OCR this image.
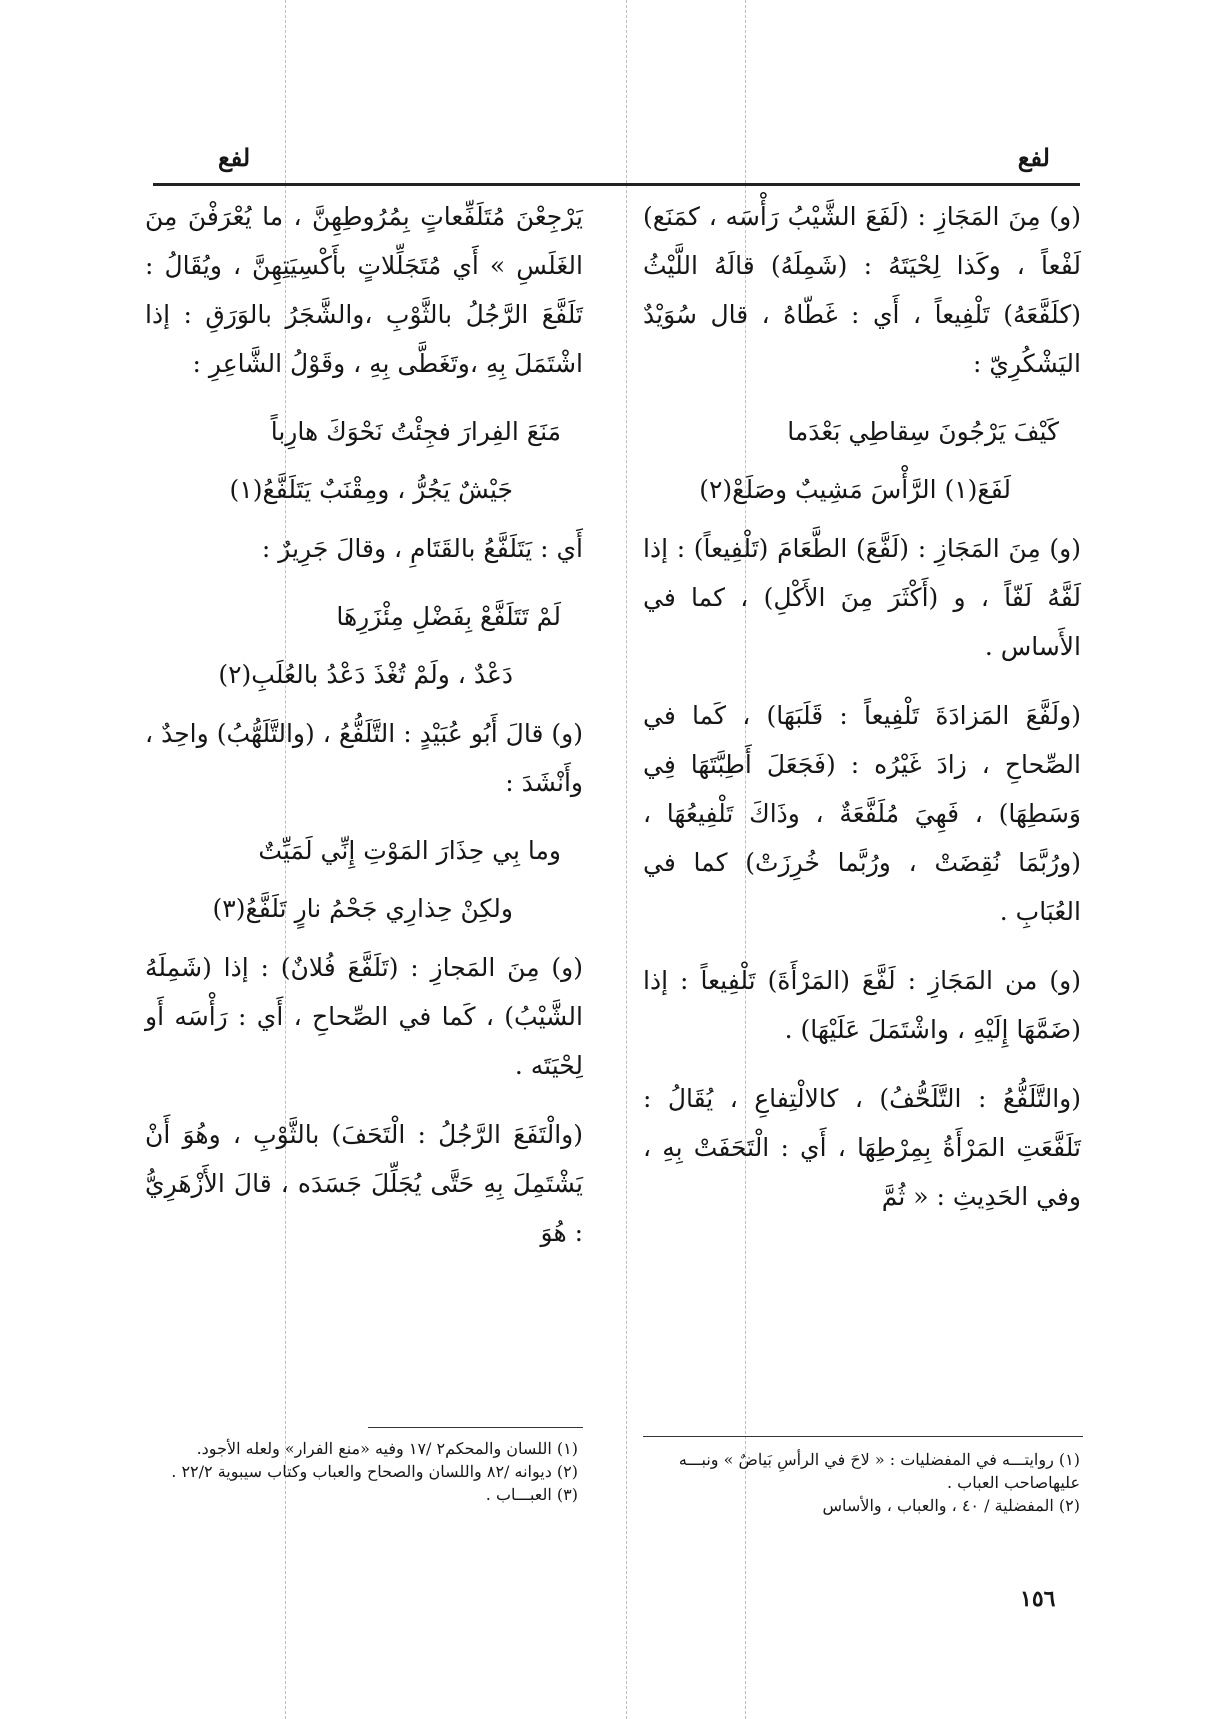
لفع
لفع

(و) مِنَ المَجَازِ : (لَفَعَ الشَّيْبُ رَأْسَه ، كمَنَع) لَفْعاً ، وكَذا لِحْيَتَهُ : (شَمِلَهُ) قالَهُ اللَّيْثُ (كلَفَّعَهُ) تَلْفِيعاً ، أَي : غَطّاهُ ، قال سُوَيْدٌ اليَشْكُرِيّ :

كَيْفَ يَرْجُونَ سِقاطِي بَعْدَما

لَفَعَ(١) الرَّأْسَ مَشِيبٌ وصَلَعْ(٢)

(و) مِنَ المَجَازِ : (لَفَّعَ) الطَّعَامَ (تَلْفِيعاً) : إذا لَفَّهُ لَفّاً ، و (أَكْثَرَ مِنَ الأَكْلِ) ، كما في الأَساس .

(ولَفَّعَ المَزادَةَ تَلْفِيعاً : قَلَبَهَا) ، كَما في الصِّحاحِ ، زادَ غَيْرُه : (فَجَعَلَ أَطِبَّتَهَا فِي وَسَطِهَا) ، فَهِيَ مُلَفَّعَةٌ ، وذَاكَ تَلْفِيعُهَا ، (ورُبَّمَا نُقِضَتْ ، ورُبَّما خُرِزَتْ) كما في العُبَابِ .

(و) من المَجَازِ : لَفَّعَ (المَرْأَةَ) تَلْفِيعاً : إذا (ضَمَّهَا إِلَيْهِ ، واشْتَمَلَ عَلَيْهَا) .

(والتَّلَفُّعُ : التَّلَحُّفُ) ، كالالْتِفاعِ ، يُقَالُ : تَلَفَّعَتِ المَرْأَةُ بِمِرْطِهَا ، أَي : الْتَحَفَتْ بِهِ ، وفي الحَدِيثِ : « ثُمَّ

يَرْجِعْنَ مُتَلَفِّعاتٍ بِمُرُوطِهِنَّ ، ما يُعْرَفْنَ مِنَ الغَلَسِ » أَي مُتَجَلِّلاتٍ بأَكْسِيَتِهِنَّ ، ويُقَالُ : تَلَفَّعَ الرَّجُلُ بالثَّوْبِ ،والشَّجَرُ بالوَرَقِ : إذا اشْتَمَلَ بِهِ ،وتَغَطَّى بِهِ ، وقَوْلُ الشَّاعِرِ :

مَنَعَ الفِرارَ فجِئْتُ نَحْوَكَ هارِباً

جَيْشٌ يَجُرُّ ، ومِقْنَبٌ يَتَلَفَّعُ(١)

أَي : يَتَلَفَّعُ بالقَتَامِ ، وقالَ جَرِيرٌ :

لَمْ تَتَلَفَّعْ بِفَضْلِ مِئْزَرِهَا

دَعْدٌ ، ولَمْ تُغْذَ دَعْدُ بالعُلَبِ(٢)

(و) قالَ أَبُو عُبَيْدٍ : التَّلَفُّعُ ، (والتَّلَهُّبُ) واحِدٌ ، وأَنْشَدَ :

وما بِي حِذَارَ المَوْتِ إِنِّي لَمَيِّتٌ

ولكِنْ حِذارِي جَحْمُ نارٍ تَلَفَّعُ(٣)

(و) مِنَ المَجازِ : (تَلَفَّعَ فُلانٌ) : إذا (شَمِلَهُ الشَّيْبُ) ، كَما في الصِّحاحِ ، أَي : رَأْسَه أَو لِحْيَتَه .

(والْتَفَعَ الرَّجُلُ : الْتَحَفَ) بالثَّوْبِ ، وهُوَ أَنْ يَشْتَمِلَ بِهِ حَتَّى يُجَلِّلَ جَسَدَه ، قالَ الأَزْهَرِيُّ : هُوَ

(١) روايتـــه في المفضليات : « لاحَ في الرأسِ بَياضٌ » ونبـــه عليهاصاحب العباب .
(٢) المفضلية / ٤٠ ، والعباب ، والأساس
(١) اللسان والمحكم٢ /١٧ وفيه «منع الفرار» ولعله الأجود.
(٢) ديوانه /٨٢ واللسان والصحاح والعباب وكتاب سيبوية ٢٢/٢ .
(٣) العبـــاب .
١٥٦
